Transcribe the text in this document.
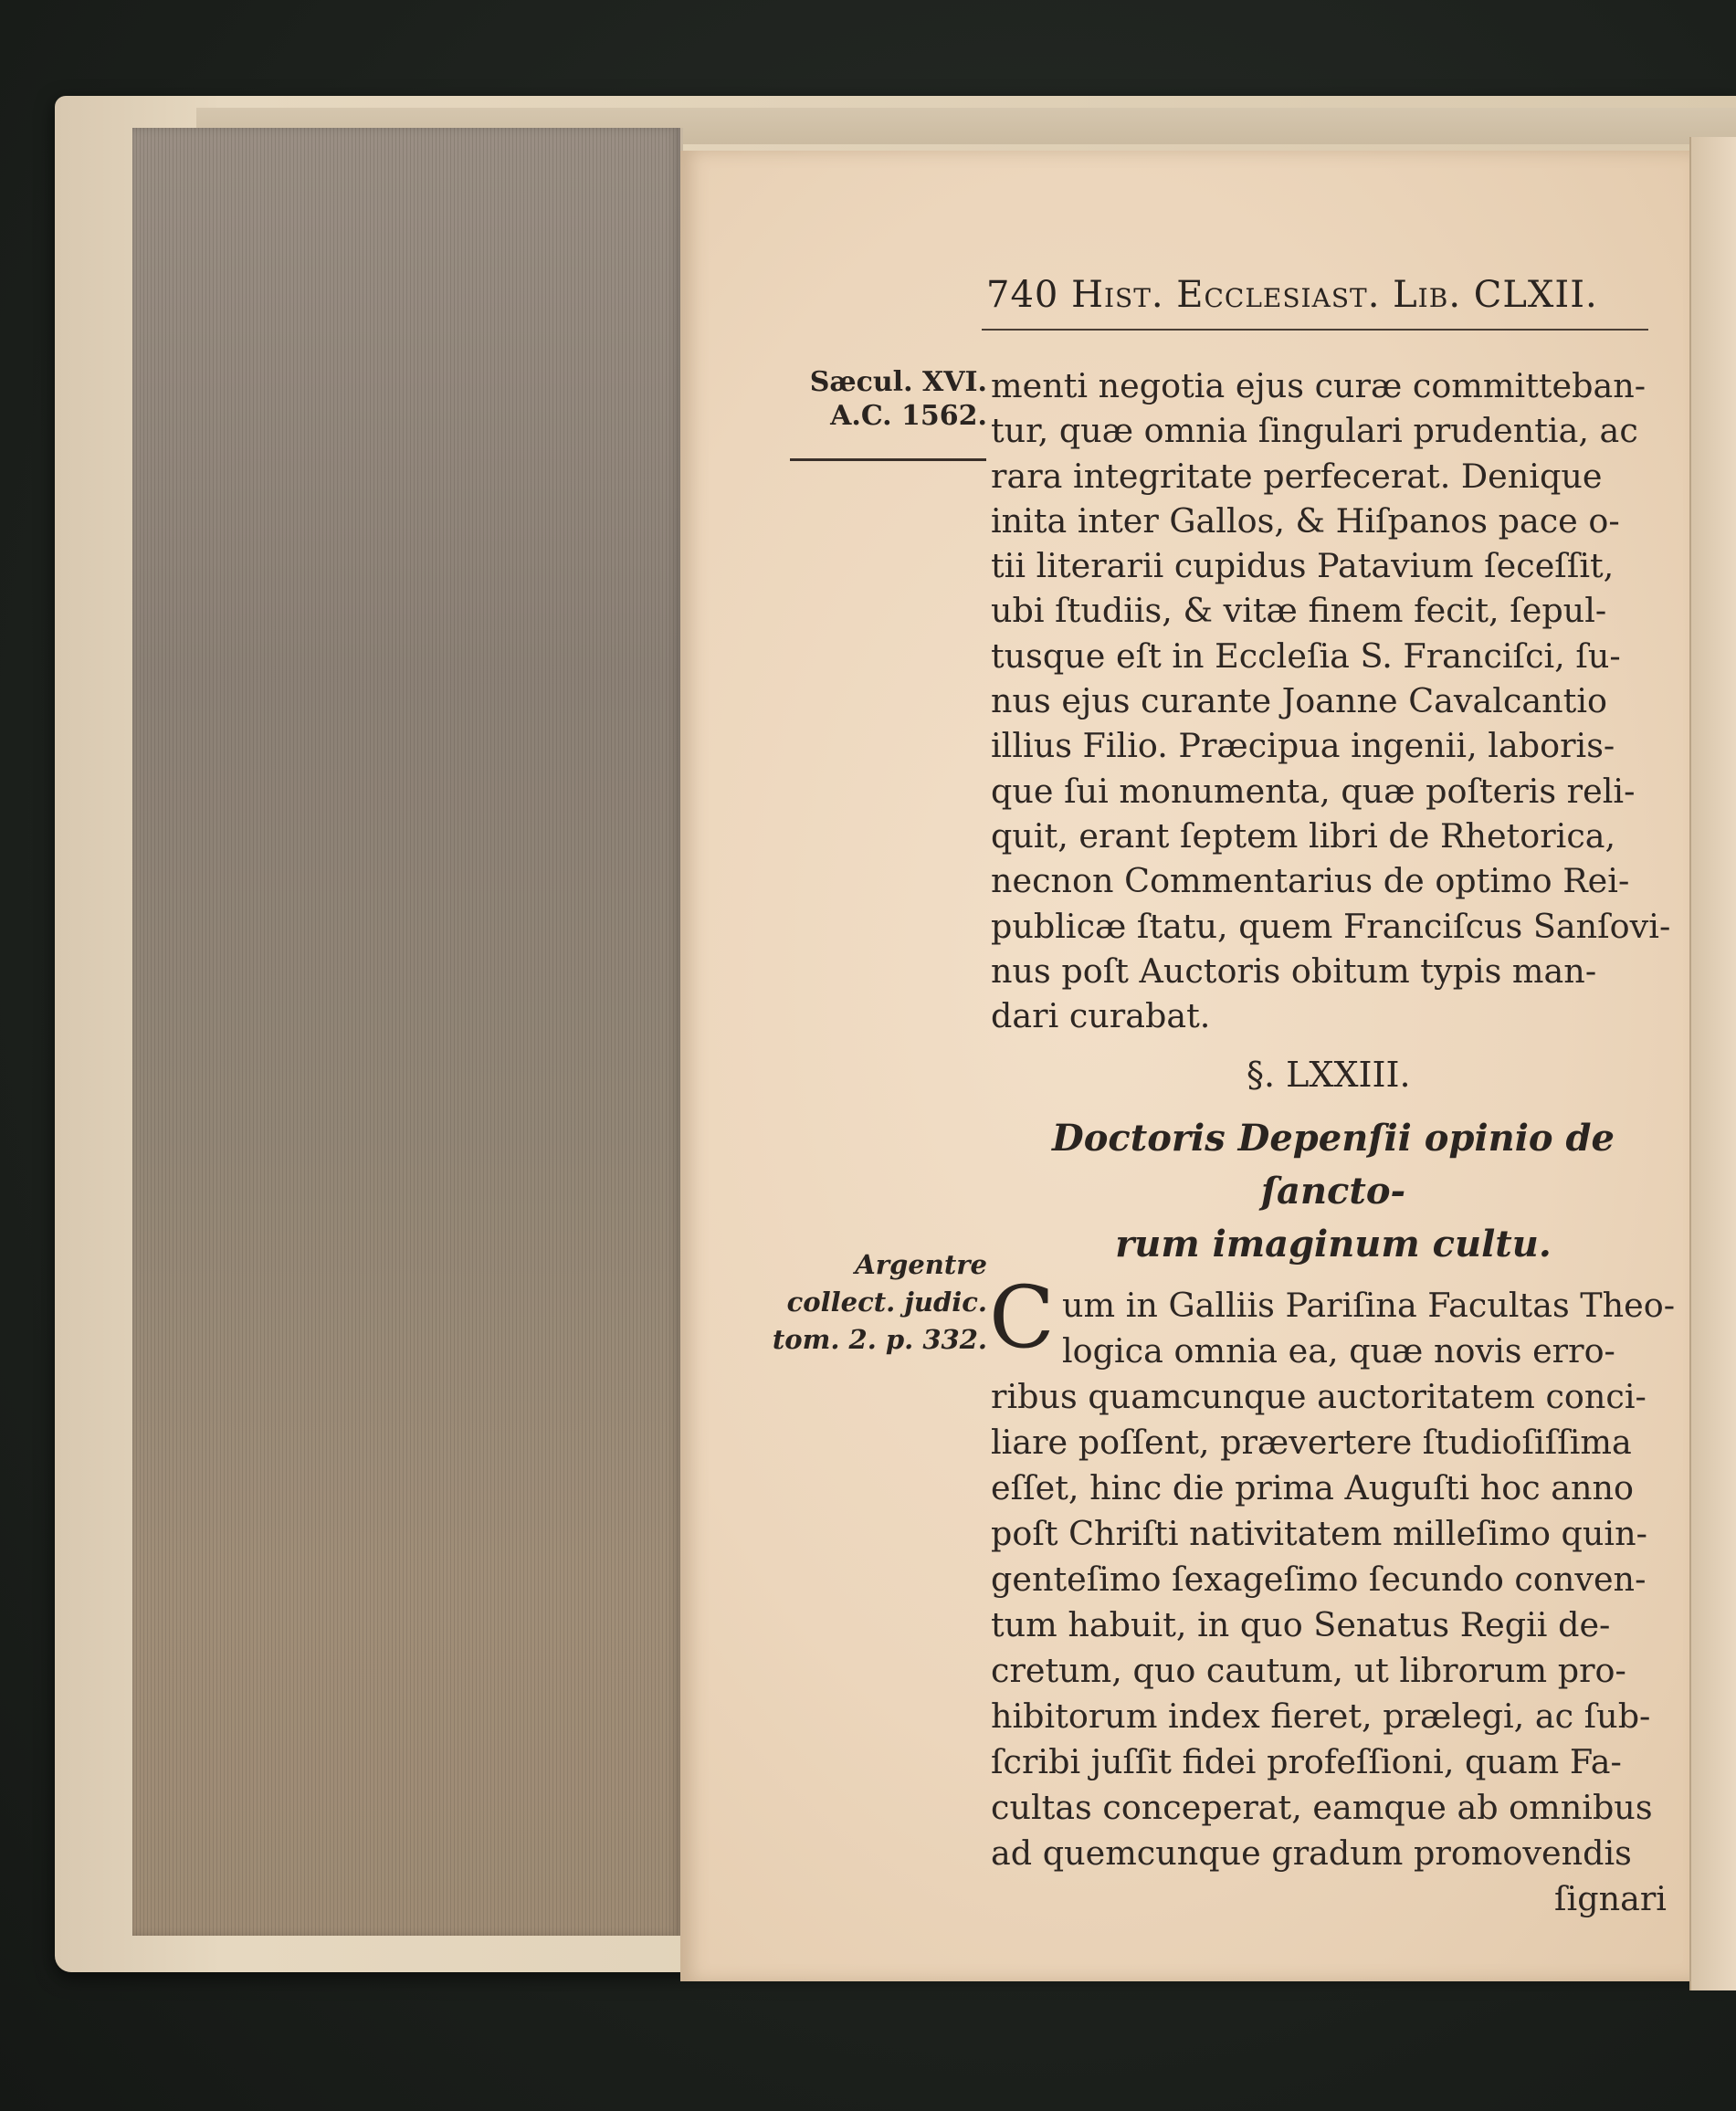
740 Hist. Ecclesiast. Lib. CLXII.
Sæcul. XVI.
A.C. 1562.
menti negotia ejus curæ committeban-
tur, quæ omnia ſingulari prudentia, ac
rara integritate perfecerat. Denique
inita inter Gallos, & Hiſpanos pace o-
tii literarii cupidus Patavium ſeceſſit,
ubi ſtudiis, & vitæ finem fecit, ſepul-
tusque eſt in Eccleſia S. Franciſci, ſu-
nus ejus curante Joanne Cavalcantio
illius Filio. Præcipua ingenii, laboris-
que ſui monumenta, quæ poſteris reli-
quit, erant ſeptem libri de Rhetorica,
necnon Commentarius de optimo Rei-
publicæ ſtatu, quem Franciſcus Sanſovi-
nus poſt Auctoris obitum typis man-
dari curabat.
§. LXXIII.
Doctoris Depenſii opinio de ſancto-
rum imaginum cultu.
Argentre
collect. judic.
tom. 2. p. 332. C um in Galliis Pariſina Facultas Theo-
logica omnia ea, quæ novis erro-
ribus quamcunque auctoritatem conci-
liare poſſent, prævertere ſtudioſiſſima
eſſet, hinc die prima Auguſti hoc anno
poſt Chriſti nativitatem milleſimo quin-
genteſimo ſexageſimo ſecundo conven-
tum habuit, in quo Senatus Regii de-
cretum, quo cautum, ut librorum pro-
hibitorum index fieret, prælegi, ac ſub-
ſcribi juſſit fidei profeſſioni, quam Fa-
cultas conceperat, eamque ab omnibus
ad quemcunque gradum promovendis
ſignari
